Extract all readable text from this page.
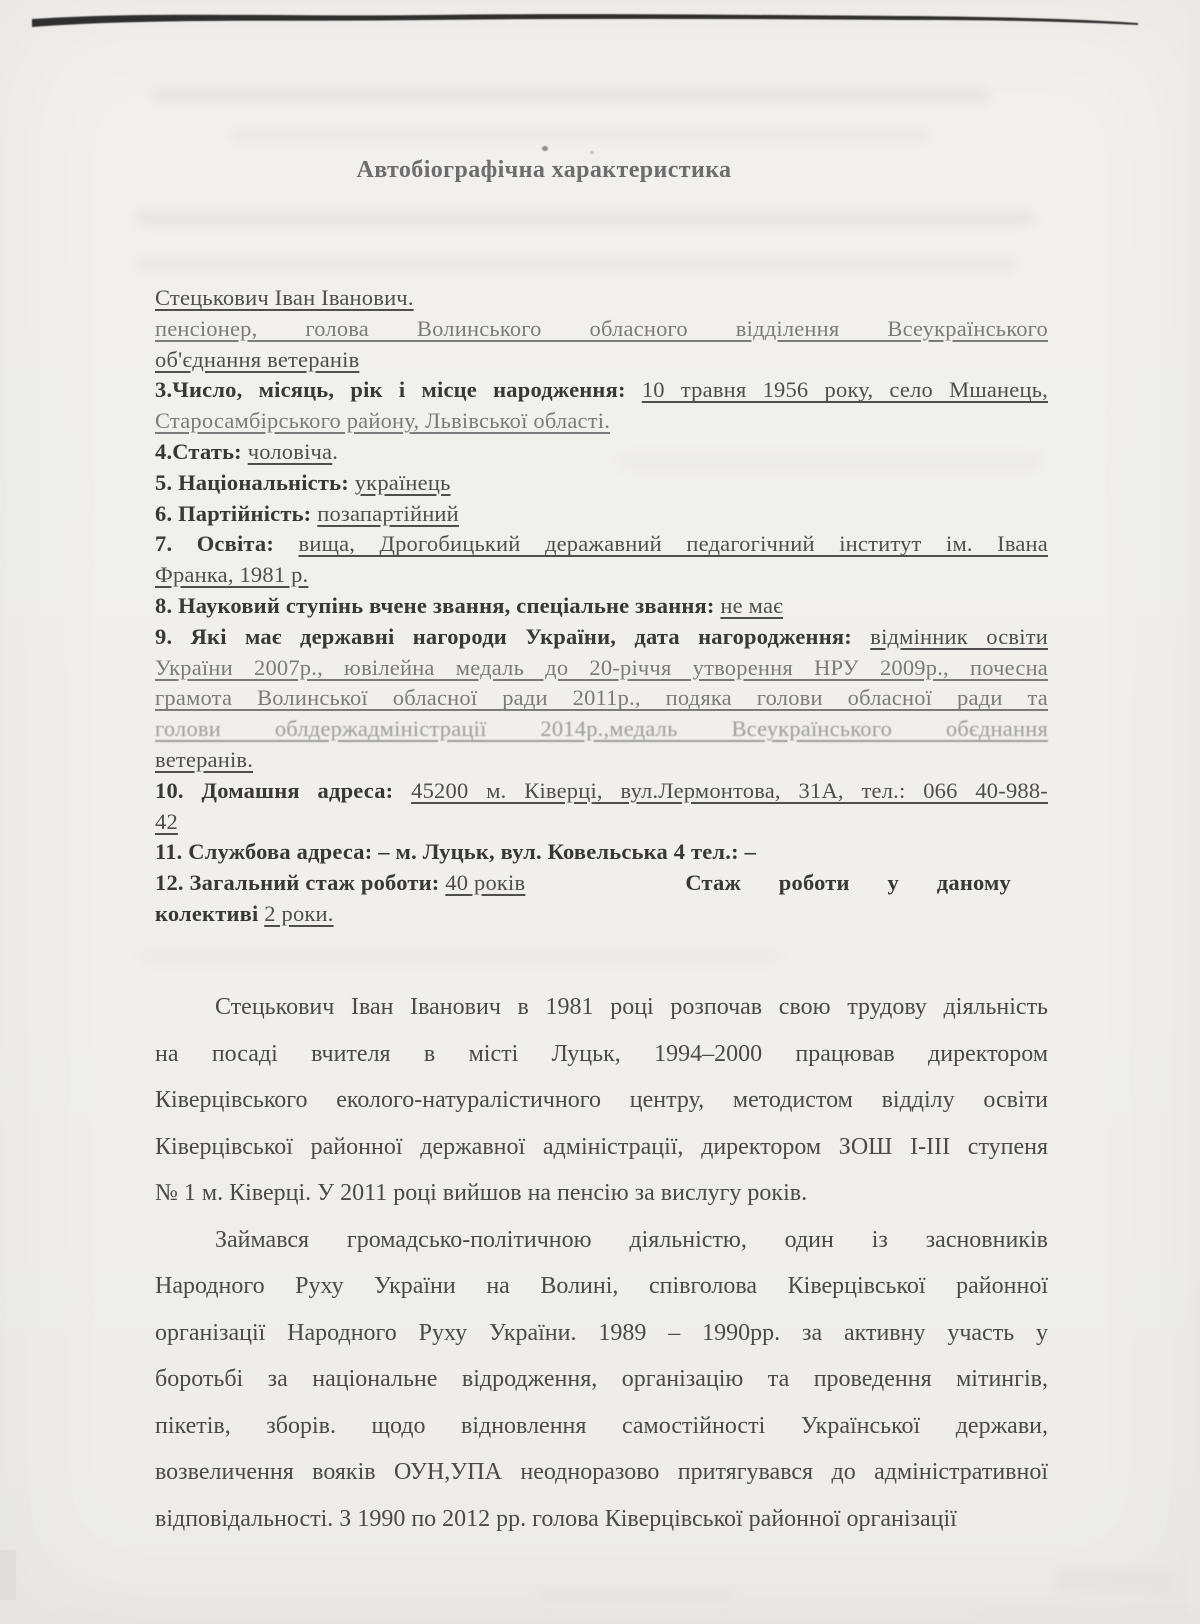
Автобіографічна характеристика
Стецькович Іван Іванович.
пенсіонер, голова Волинського обласного відділення Всеукраїнського
об'єднання ветеранів
3.Число, місяць, рік і місце народження: 10 травня 1956 року, село Мшанець,
Старосамбірського району, Львівської області.
4.Стать: чоловіча.
5. Національність: українець
6. Партійність: позапартійний
7. Освіта: вища, Дрогобицький деражавний педагогічний інститут ім. Івана
Франка, 1981 р.
8. Науковий ступінь вчене звання, спеціальне звання: не має
9. Які має державні нагороди України, дата нагородження: відмінник освіти
України 2007р., ювілейна медаль до 20-річчя утворення НРУ 2009р., почесна
грамота Волинської обласної ради 2011р., подяка голови обласної ради та
голови облдержадміністрації 2014р.,медаль Всеукраїнського обєднання
ветеранів.
10. Домашня адреса: 45200 м. Ківерці, вул.Лермонтова, 31А, тел.: 066 40-988-
42
11. Службова адреса: – м. Луцьк, вул. Ковельська 4 тел.: –
12. Загальний стаж роботи: 40 років	Стаж роботи у даному
колективі 2 роки.
Стецькович Іван Іванович в 1981 році розпочав свою трудову діяльність
на посаді вчителя в місті Луцьк, 1994–2000 працював директором
Ківерцівського еколого-натуралістичного центру, методистом відділу освіти
Ківерцівської районної державної адміністрації, директором ЗОШ І-ІІІ ступеня
№ 1 м. Ківерці. У 2011 році вийшов на пенсію за вислугу років.
Займався громадсько-політичною діяльністю, один із засновників
Народного Руху України на Волині, співголова Ківерцівської районної
організації Народного Руху України. 1989 – 1990рр. за активну участь у
боротьбі за національне відродження, організацію та проведення мітингів,
пікетів, зборів. щодо відновлення самостійності Української держави,
возвеличення вояків ОУН,УПА неодноразово притягувався до адміністративної
відповідальності. З 1990 по 2012 рр. голова Ківерцівської районної організації
